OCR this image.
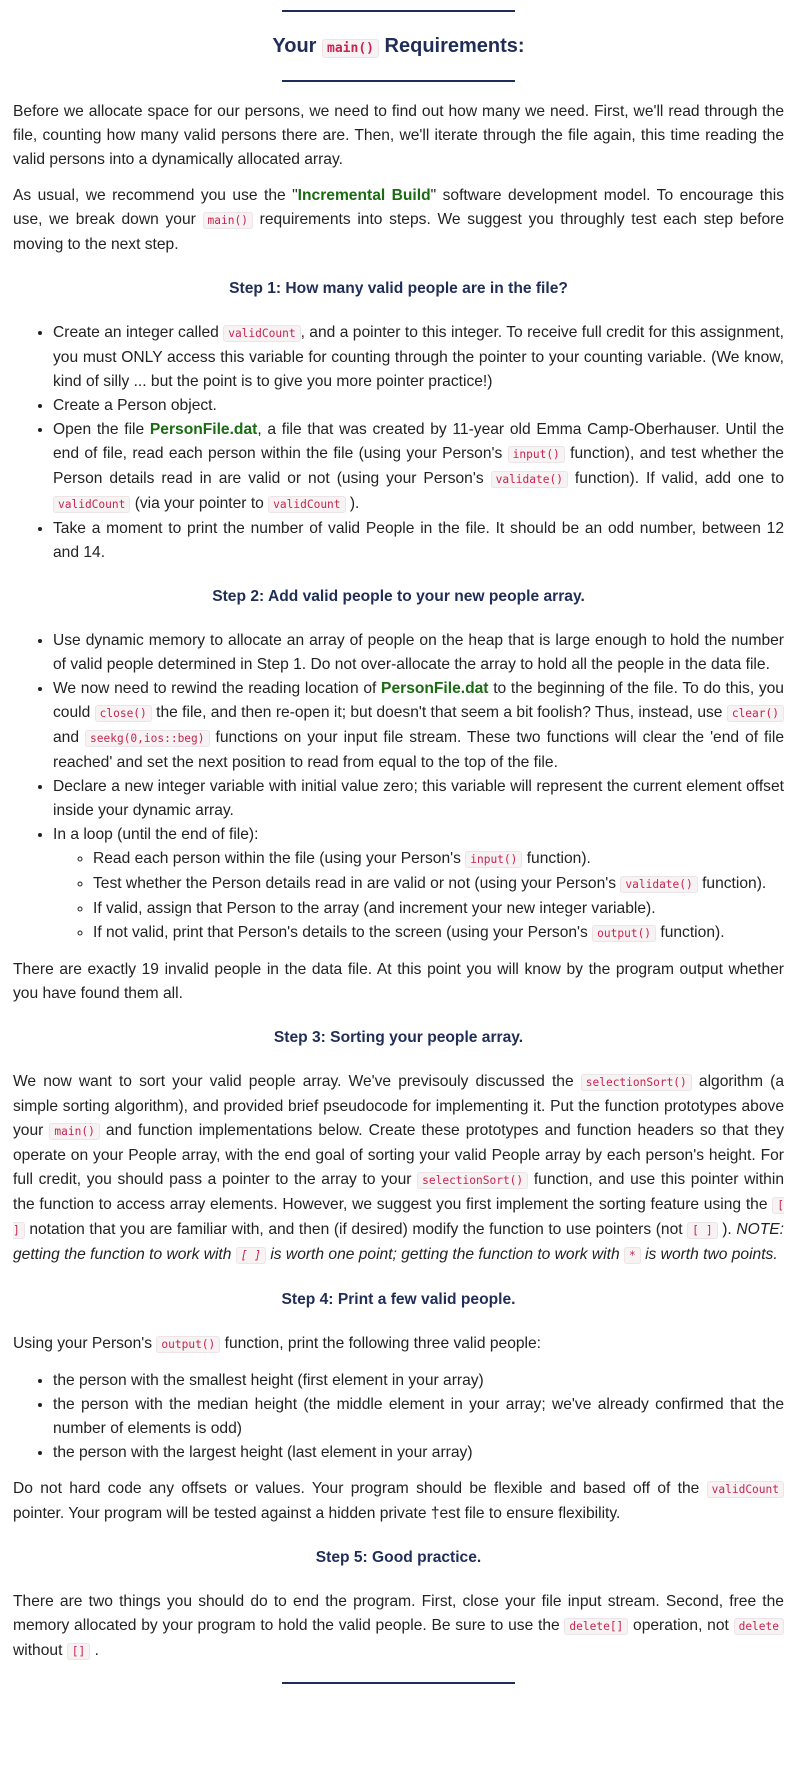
Your main() Requirements:

Before we allocate space for our persons, we need to find out how many we need. First, we'll read through the file, counting how many valid persons there are. Then, we'll iterate through the file again, this time reading the valid persons into a dynamically allocated array.

As usual, we recommend you use the "Incremental Build" software development model. To encourage this use, we break down your main() requirements into steps. We suggest you throughly test each step before moving to the next step.

Step 1: How many valid people are in the file?
• Create an integer called validCount , and a pointer to this integer. To receive full credit for this assignment, you must ONLY access this variable for counting through the pointer to your counting variable. (We know, kind of silly ... but the point is to give you more pointer practice!)
• Create a Person object.
• Open the file PersonFile.dat, a file that was created by 11-year old Emma Camp-Oberhauser. Until the end of file, read each person within the file (using your Person's input() function), and test whether the Person details read in are valid or not (using your Person's validate() function). If valid, add one to validCount (via your pointer to validCount ).
• Take a moment to print the number of valid People in the file. It should be an odd number, between 12 and 14.
Step 2: Add valid people to your new people array.
• Use dynamic memory to allocate an array of people on the heap that is large enough to hold the number of valid people determined in Step 1. Do not over-allocate the array to hold all the people in the data file.
• We now need to rewind the reading location of PersonFile.dat to the beginning of the file. To do this, you could close() the file, and then re-open it; but doesn't that seem a bit foolish? Thus, instead, use clear() and seekg(0,ios::beg) functions on your input file stream. These two functions will clear the 'end of file reached' and set the next position to read from equal to the top of the file.
• Declare a new integer variable with initial value zero; this variable will represent the current element offset inside your dynamic array.
• In a loop (until the end of file):
◦ Read each person within the file (using your Person's input() function).
◦ Test whether the Person details read in are valid or not (using your Person's validate() function).
◦ If valid, assign that Person to the array (and increment your new integer variable).
◦ If not valid, print that Person's details to the screen (using your Person's output() function).

There are exactly 19 invalid people in the data file. At this point you will know by the program output whether you have found them all.

Step 3: Sorting your people array.

We now want to sort your valid people array. We've previsouly discussed the selectionSort() algorithm (a simple sorting algorithm), and provided brief pseudocode for implementing it. Put the function prototypes above your main() and function implementations below. Create these prototypes and function headers so that they operate on your People array, with the end goal of sorting your valid People array by each person's height. For full credit, you should pass a pointer to the array to your selectionSort() function, and use this pointer within the function to access array elements. However, we suggest you first implement the sorting feature using the [ ] notation that you are familiar with, and then (if desired) modify the function to use pointers (not [ ] ). NOTE: getting the function to work with [ ] is worth one point; getting the function to work with * is worth two points.

Step 4: Print a few valid people.

Using your Person's output() function, print the following three valid people:

• the person with the smallest height (first element in your array)
• the person with the median height (the middle element in your array; we've already confirmed that the number of elements is odd)
• the person with the largest height (last element in your array)

Do not hard code any offsets or values. Your program should be flexible and based off of the validCount pointer. Your program will be tested against a hidden private †est file to ensure flexibility.

Step 5: Good practice.

There are two things you should do to end the program. First, close your file input stream. Second, free the memory allocated by your program to hold the valid people. Be sure to use the delete[] operation, not delete without [] .
